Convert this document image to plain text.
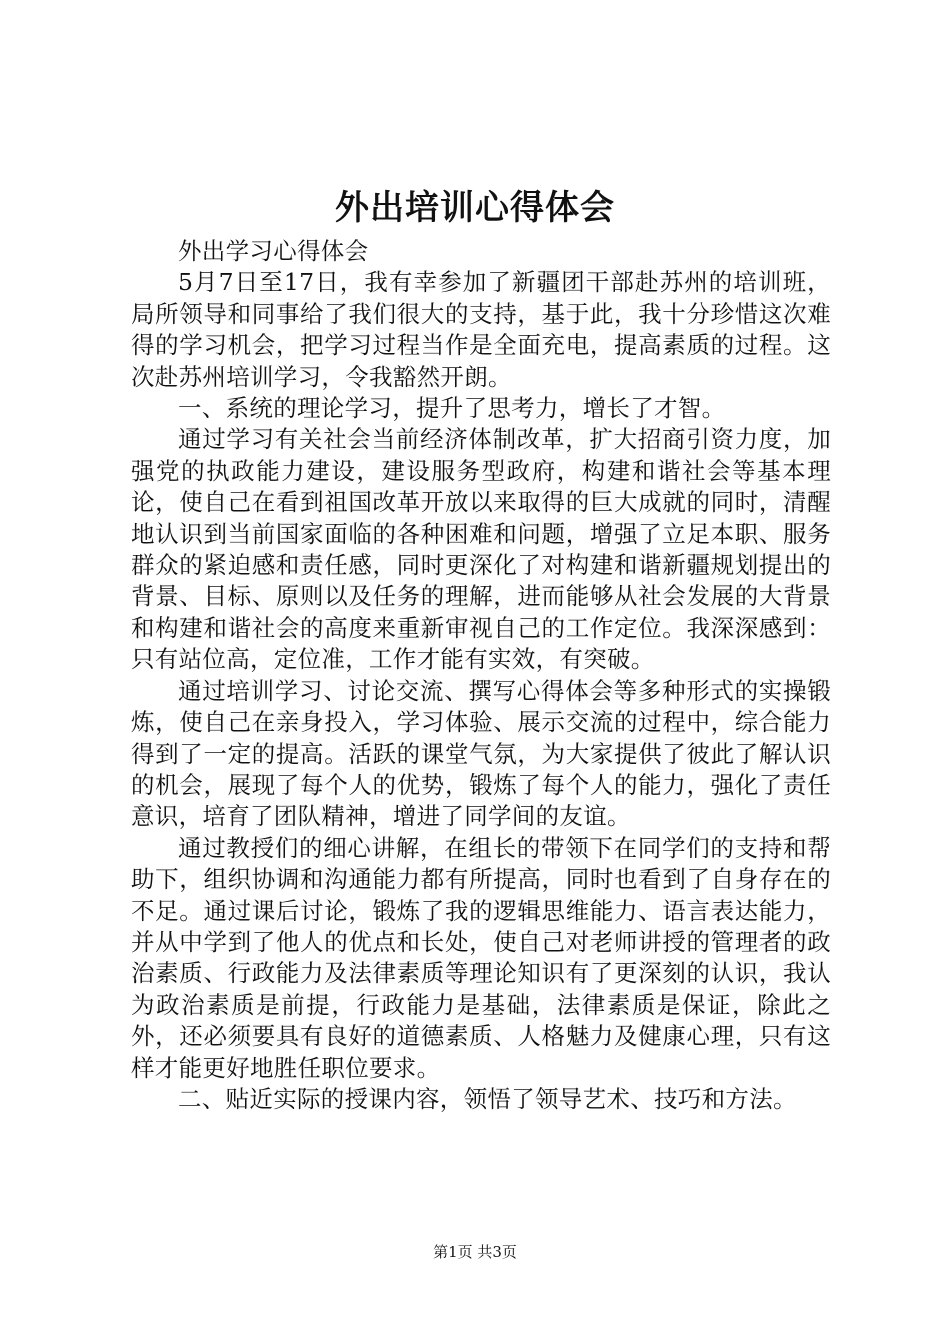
外出培训心得体会

外出学习心得体会

5月7日至17日，我有幸参加了新疆团干部赴苏州的培训班，局所领导和同事给了我们很大的支持，基于此，我十分珍惜这次难得的学习机会，把学习过程当作是全面充电，提高素质的过程。这次赴苏州培训学习，令我豁然开朗。

一、系统的理论学习，提升了思考力，增长了才智。

通过学习有关社会当前经济体制改革，扩大招商引资力度，加强党的执政能力建设，建设服务型政府，构建和谐社会等基本理论，使自己在看到祖国改革开放以来取得的巨大成就的同时，清醒地认识到当前国家面临的各种困难和问题，增强了立足本职、服务群众的紧迫感和责任感，同时更深化了对构建和谐新疆规划提出的背景、目标、原则以及任务的理解，进而能够从社会发展的大背景和构建和谐社会的高度来重新审视自己的工作定位。我深深感到：只有站位高，定位准，工作才能有实效，有突破。

通过培训学习、讨论交流、撰写心得体会等多种形式的实操锻炼，使自己在亲身投入，学习体验、展示交流的过程中，综合能力得到了一定的提高。活跃的课堂气氛，为大家提供了彼此了解认识的机会，展现了每个人的优势，锻炼了每个人的能力，强化了责任意识，培育了团队精神，增进了同学间的友谊。

通过教授们的细心讲解，在组长的带领下在同学们的支持和帮助下，组织协调和沟通能力都有所提高，同时也看到了自身存在的不足。通过课后讨论，锻炼了我的逻辑思维能力、语言表达能力，并从中学到了他人的优点和长处，使自己对老师讲授的管理者的政治素质、行政能力及法律素质等理论知识有了更深刻的认识，我认为政治素质是前提，行政能力是基础，法律素质是保证，除此之外，还必须要具有良好的道德素质、人格魅力及健康心理，只有这样才能更好地胜任职位要求。

二、贴近实际的授课内容，领悟了领导艺术、技巧和方法。

第1页 共3页
